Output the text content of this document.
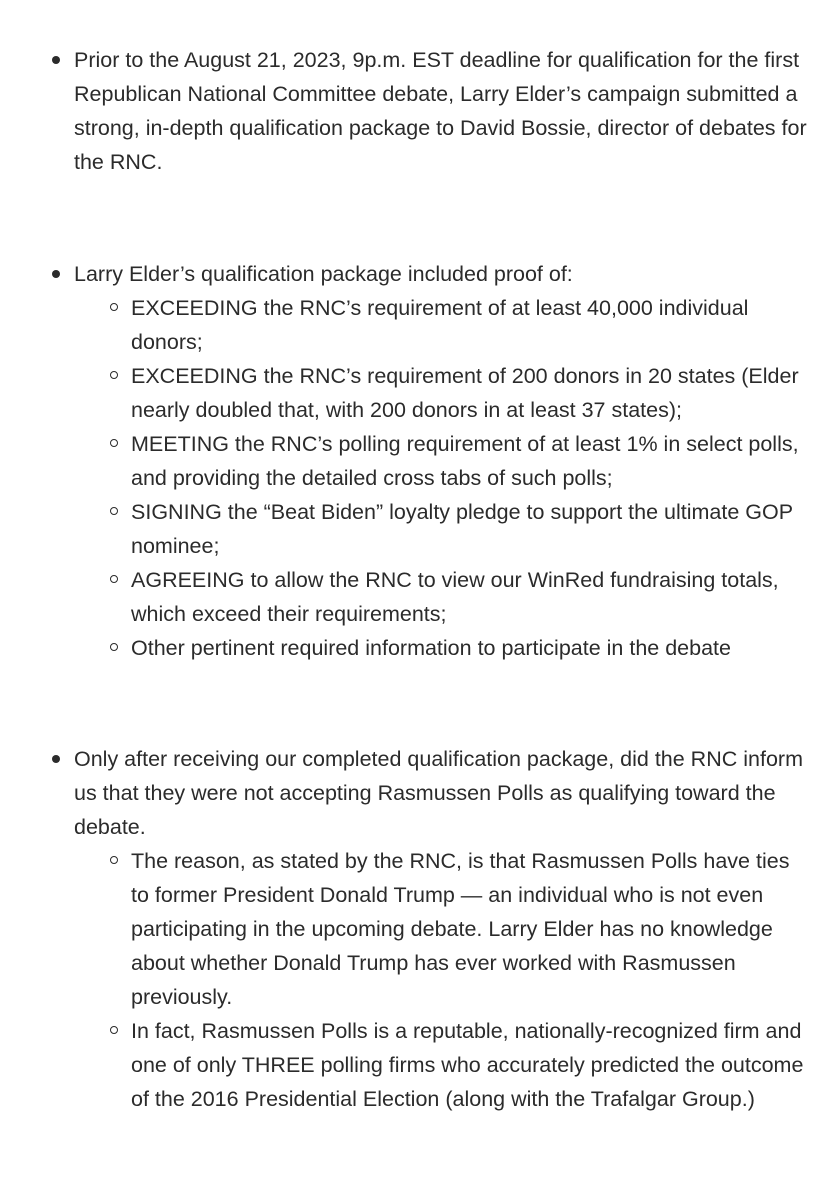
Prior to the August 21, 2023, 9p.m. EST deadline for qualification for the first Republican National Committee debate, Larry Elder’s campaign submitted a strong, in-depth qualification package to David Bossie, director of debates for the RNC.
Larry Elder’s qualification package included proof of:
EXCEEDING the RNC’s requirement of at least 40,000 individual donors;
EXCEEDING the RNC’s requirement of 200 donors in 20 states (Elder nearly doubled that, with 200 donors in at least 37 states);
MEETING the RNC’s polling requirement of at least 1% in select polls, and providing the detailed cross tabs of such polls;
SIGNING the “Beat Biden” loyalty pledge to support the ultimate GOP nominee;
AGREEING to allow the RNC to view our WinRed fundraising totals, which exceed their requirements;
Other pertinent required information to participate in the debate
Only after receiving our completed qualification package, did the RNC inform us that they were not accepting Rasmussen Polls as qualifying toward the debate.
The reason, as stated by the RNC, is that Rasmussen Polls have ties to former President Donald Trump — an individual who is not even participating in the upcoming debate. Larry Elder has no knowledge about whether Donald Trump has ever worked with Rasmussen previously.
In fact, Rasmussen Polls is a reputable, nationally-recognized firm and one of only THREE polling firms who accurately predicted the outcome of the 2016 Presidential Election (along with the Trafalgar Group.)
